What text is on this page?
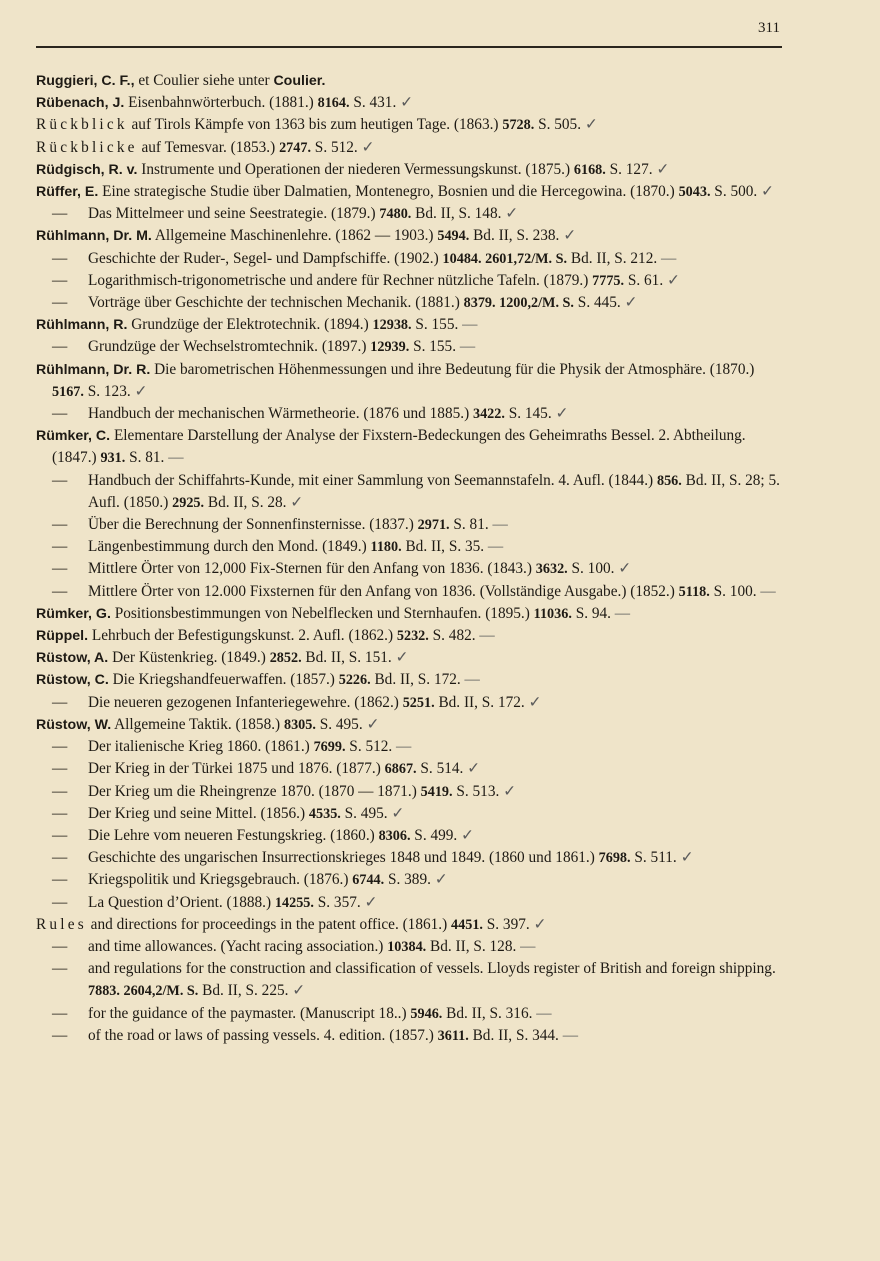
311
Ruggieri, C. F., et Coulier siehe unter Coulier.
Rübenach, J. Eisenbahnwörterbuch. (1881.) 8164. S. 431. ✓
Rückblick auf Tirols Kämpfe von 1363 bis zum heutigen Tage. (1863.) 5728. S. 505. ✓
Rückblicke auf Temesvar. (1853.) 2747. S. 512. ✓
Rüdgisch, R. v. Instrumente und Operationen der niederen Vermessungskunst. (1875.) 6168. S. 127. ✓
Rüffer, E. Eine strategische Studie über Dalmatien, Montenegro, Bosnien und die Hercegowina. (1870.) 5043. S. 500. ✓
— Das Mittelmeer und seine Seestrategie. (1879.) 7480. Bd. II, S. 148. ✓
Rühlmann, Dr. M. Allgemeine Maschinenlehre. (1862 — 1903.) 5494. Bd. II, S. 238. ✓
— Geschichte der Ruder-, Segel- und Dampfschiffe. (1902.) 10484. 2601,72/M. S. Bd. II, S. 212. —
— Logarithmisch-trigonometrische und andere für Rechner nützliche Tafeln. (1879.) 7775. S. 61. ✓
— Vorträge über Geschichte der technischen Mechanik. (1881.) 8379. 1200,2/M. S. S. 445. ✓
Rühlmann, R. Grundzüge der Elektrotechnik. (1894.) 12938. S. 155. —
— Grundzüge der Wechselstromtechnik. (1897.) 12939. S. 155. —
Rühlmann, Dr. R. Die barometrischen Höhenmessungen und ihre Bedeutung für die Physik der Atmosphäre. (1870.) 5167. S. 123. ✓
— Handbuch der mechanischen Wärmetheorie. (1876 und 1885.) 3422. S. 145. ✓
Rümker, C. Elementare Darstellung der Analyse der Fixstern-Bedeckungen des Geheimraths Bessel. 2. Abtheilung. (1847.) 931. S. 81. —
— Handbuch der Schiffahrts-Kunde, mit einer Sammlung von Seemannstafeln. 4. Aufl. (1844.) 856. Bd. II, S. 28; 5. Aufl. (1850.) 2925. Bd. II, S. 28. ✓
— Über die Berechnung der Sonnenfinsternisse. (1837.) 2971. S. 81. —
— Längenbestimmung durch den Mond. (1849.) 1180. Bd. II, S. 35. —
— Mittlere Örter von 12,000 Fix-Sternen für den Anfang von 1836. (1843.) 3632. S. 100. ✓
— Mittlere Örter von 12.000 Fixsternen für den Anfang von 1836. (Vollständige Ausgabe.) (1852.) 5118. S. 100. —
Rümker, G. Positionsbestimmungen von Nebelflecken und Sternhaufen. (1895.) 11036. S. 94. —
Rüppel. Lehrbuch der Befestigungskunst. 2. Aufl. (1862.) 5232. S. 482. —
Rüstow, A. Der Küstenkrieg. (1849.) 2852. Bd. II, S. 151. ✓
Rüstow, C. Die Kriegshandfeuerwaffen. (1857.) 5226. Bd. II, S. 172. —
— Die neueren gezogenen Infanteriegewehre. (1862.) 5251. Bd. II, S. 172. ✓
Rüstow, W. Allgemeine Taktik. (1858.) 8305. S. 495. ✓
— Der italienische Krieg 1860. (1861.) 7699. S. 512. —
— Der Krieg in der Türkei 1875 und 1876. (1877.) 6867. S. 514. ✓
— Der Krieg um die Rheingrenze 1870. (1870 — 1871.) 5419. S. 513. ✓
— Der Krieg und seine Mittel. (1856.) 4535. S. 495. ✓
— Die Lehre vom neueren Festungskrieg. (1860.) 8306. S. 499. ✓
— Geschichte des ungarischen Insurrectionskrieges 1848 und 1849. (1860 und 1861.) 7698. S. 511. ✓
— Kriegspolitik und Kriegsgebrauch. (1876.) 6744. S. 389. ✓
— La Question d’Orient. (1888.) 14255. S. 357. ✓
Rules and directions for proceedings in the patent office. (1861.) 4451. S. 397. ✓
— and time allowances. (Yacht racing association.) 10384. Bd. II, S. 128. —
— and regulations for the construction and classification of vessels. Lloyds register of British and foreign shipping. 7883. 2604,2/M. S. Bd. II, S. 225. ✓
— for the guidance of the paymaster. (Manuscript 18..) 5946. Bd. II, S. 316. —
— of the road or laws of passing vessels. 4. edition. (1857.) 3611. Bd. II, S. 344. —
